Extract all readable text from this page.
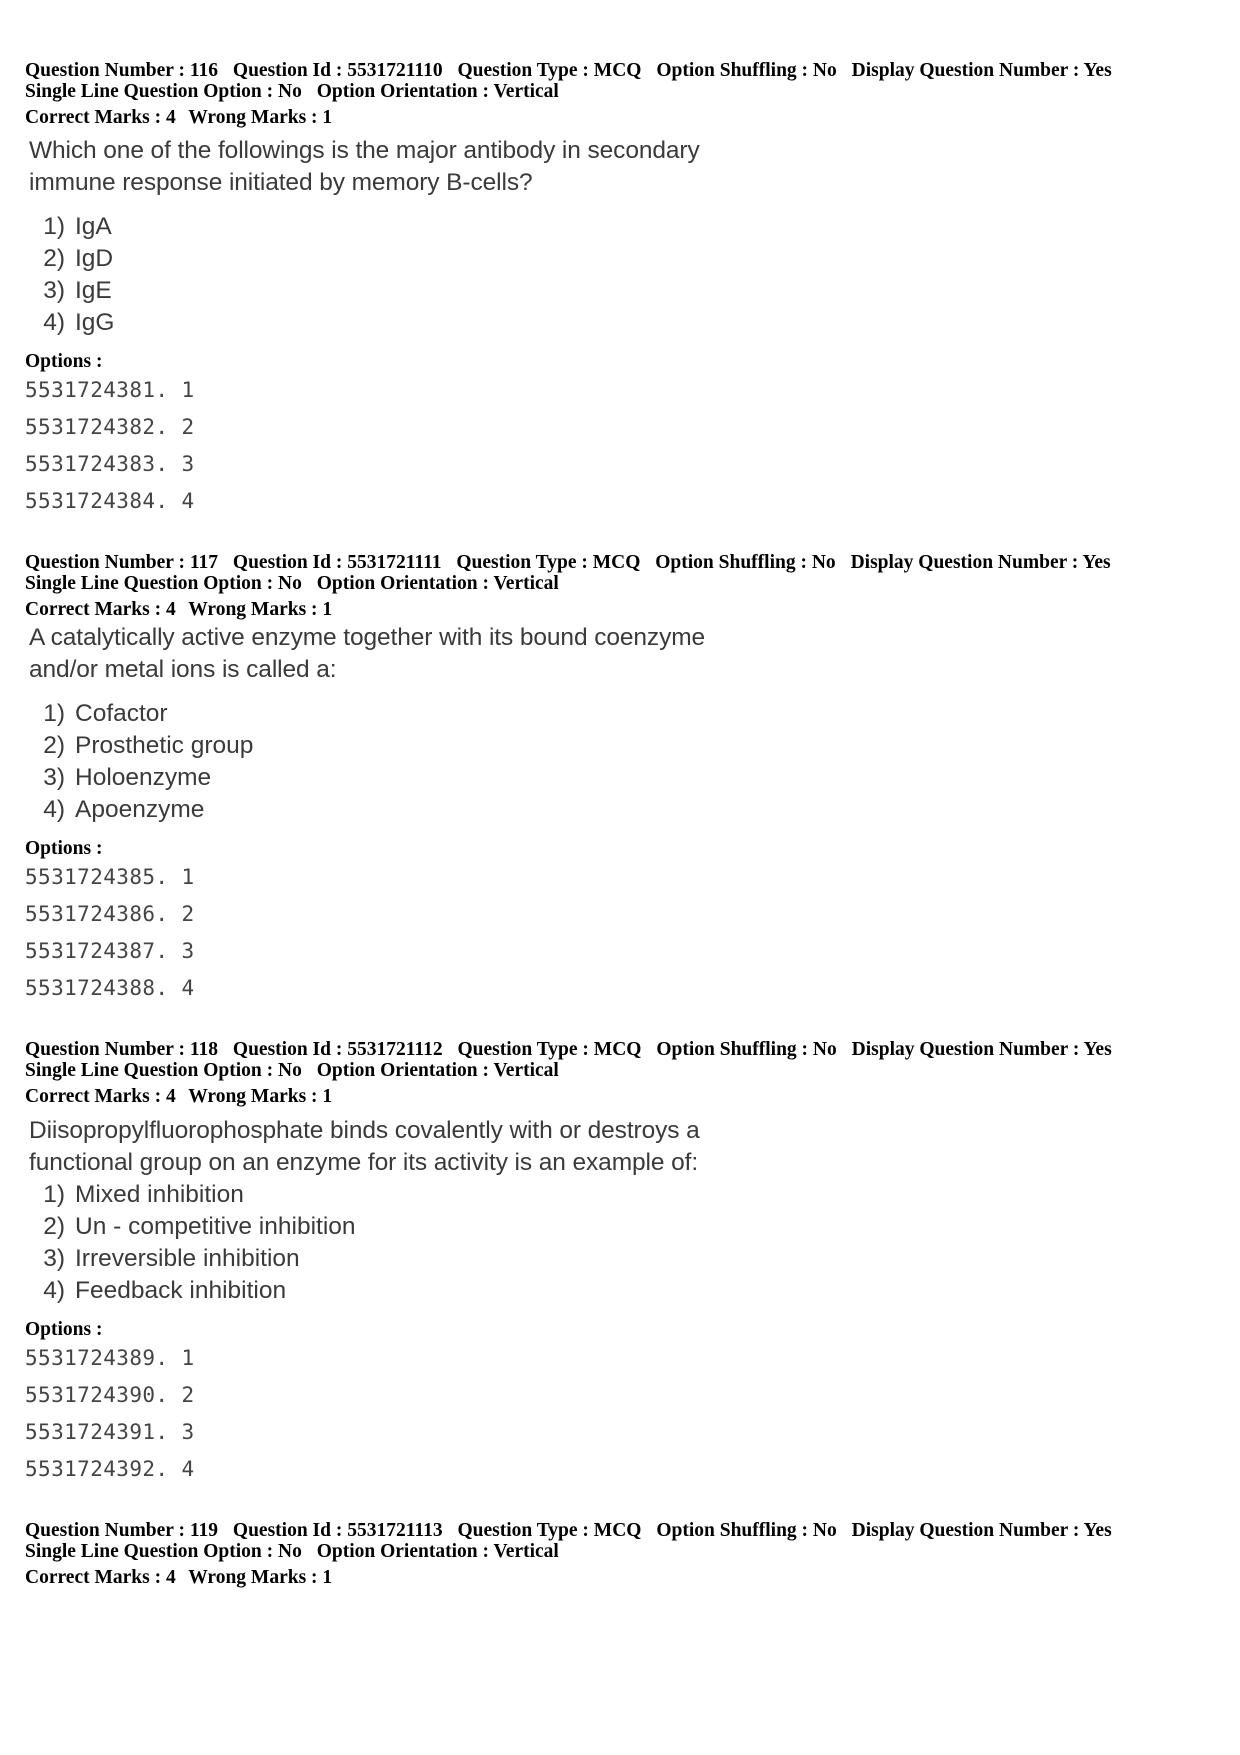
Question Number : 116 Question Id : 5531721110 Question Type : MCQ Option Shuffling : No Display Question Number : Yes
Single Line Question Option : No Option Orientation : Vertical
Correct Marks : 4 Wrong Marks : 1
Which one of the followings is the major antibody in secondary
immune response initiated by memory B-cells?
1) IgA
2) IgD
3) IgE
4) IgG
Options :
5531724381. 1
5531724382. 2
5531724383. 3
5531724384. 4
Question Number : 117 Question Id : 5531721111 Question Type : MCQ Option Shuffling : No Display Question Number : Yes
Single Line Question Option : No Option Orientation : Vertical
Correct Marks : 4 Wrong Marks : 1
A catalytically active enzyme together with its bound coenzyme
and/or metal ions is called a:
1) Cofactor
2) Prosthetic group
3) Holoenzyme
4) Apoenzyme
Options :
5531724385. 1
5531724386. 2
5531724387. 3
5531724388. 4
Question Number : 118 Question Id : 5531721112 Question Type : MCQ Option Shuffling : No Display Question Number : Yes
Single Line Question Option : No Option Orientation : Vertical
Correct Marks : 4 Wrong Marks : 1
Diisopropylfluorophosphate binds covalently with or destroys a
functional group on an enzyme for its activity is an example of:
1) Mixed inhibition
2) Un - competitive inhibition
3) Irreversible inhibition
4) Feedback inhibition
Options :
5531724389. 1
5531724390. 2
5531724391. 3
5531724392. 4
Question Number : 119 Question Id : 5531721113 Question Type : MCQ Option Shuffling : No Display Question Number : Yes
Single Line Question Option : No Option Orientation : Vertical
Correct Marks : 4 Wrong Marks : 1
